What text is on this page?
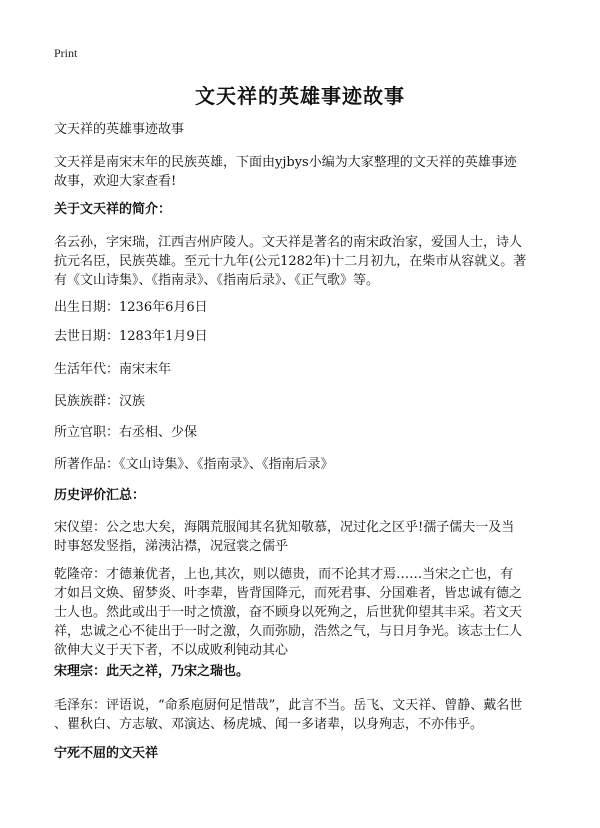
Print
文天祥的英雄事迹故事
文天祥的英雄事迹故事
文天祥是南宋末年的民族英雄，下面由yjbys小编为大家整理的文天祥的英雄事迹
故事，欢迎大家查看!
关于文天祥的简介：
名云孙，字宋瑞，江西吉州庐陵人。文天祥是著名的南宋政治家，爱国人士，诗人
抗元名臣，民族英雄。至元十九年(公元1282年)十二月初九，在柴市从容就义。著
有《文山诗集》、《指南录》、《指南后录》、《正气歌》等。
出生日期：1236年6月6日
去世日期：1283年1月9日
生活年代：南宋末年
民族族群：汉族
所立官职：右丞相、少保
所著作品：《文山诗集》、《指南录》、《指南后录》
历史评价汇总：
宋仪望：公之忠大矣，海隅荒服闻其名犹知敬慕，况过化之区乎!孺子儒夫一及当
时事怒发竖指，涕洟沾襟，况冠裳之儒乎
乾隆帝：才德兼优者，上也,其次，则以德贵，而不论其才焉……当宋之亡也，有
才如吕文焕、留梦炎、叶李辈，皆背国降元，而死君事、分国难者，皆忠诚有德之
士人也。然此或出于一时之愤激，奋不顾身以死殉之，后世犹仰望其丰采。若文天
祥，忠诚之心不徒出于一时之激，久而弥励，浩然之气，与日月争光。该志士仁人
欲伸大义于天下者，不以成败利钝动其心
宋理宗：此天之祥，乃宋之瑞也。
毛泽东：评语说，“命系庖厨何足惜哉”，此言不当。岳飞、文天祥、曾静、戴名世
、瞿秋白、方志敏、邓演达、杨虎城、闻一多诸辈，以身殉志，不亦伟乎。
宁死不屈的文天祥
